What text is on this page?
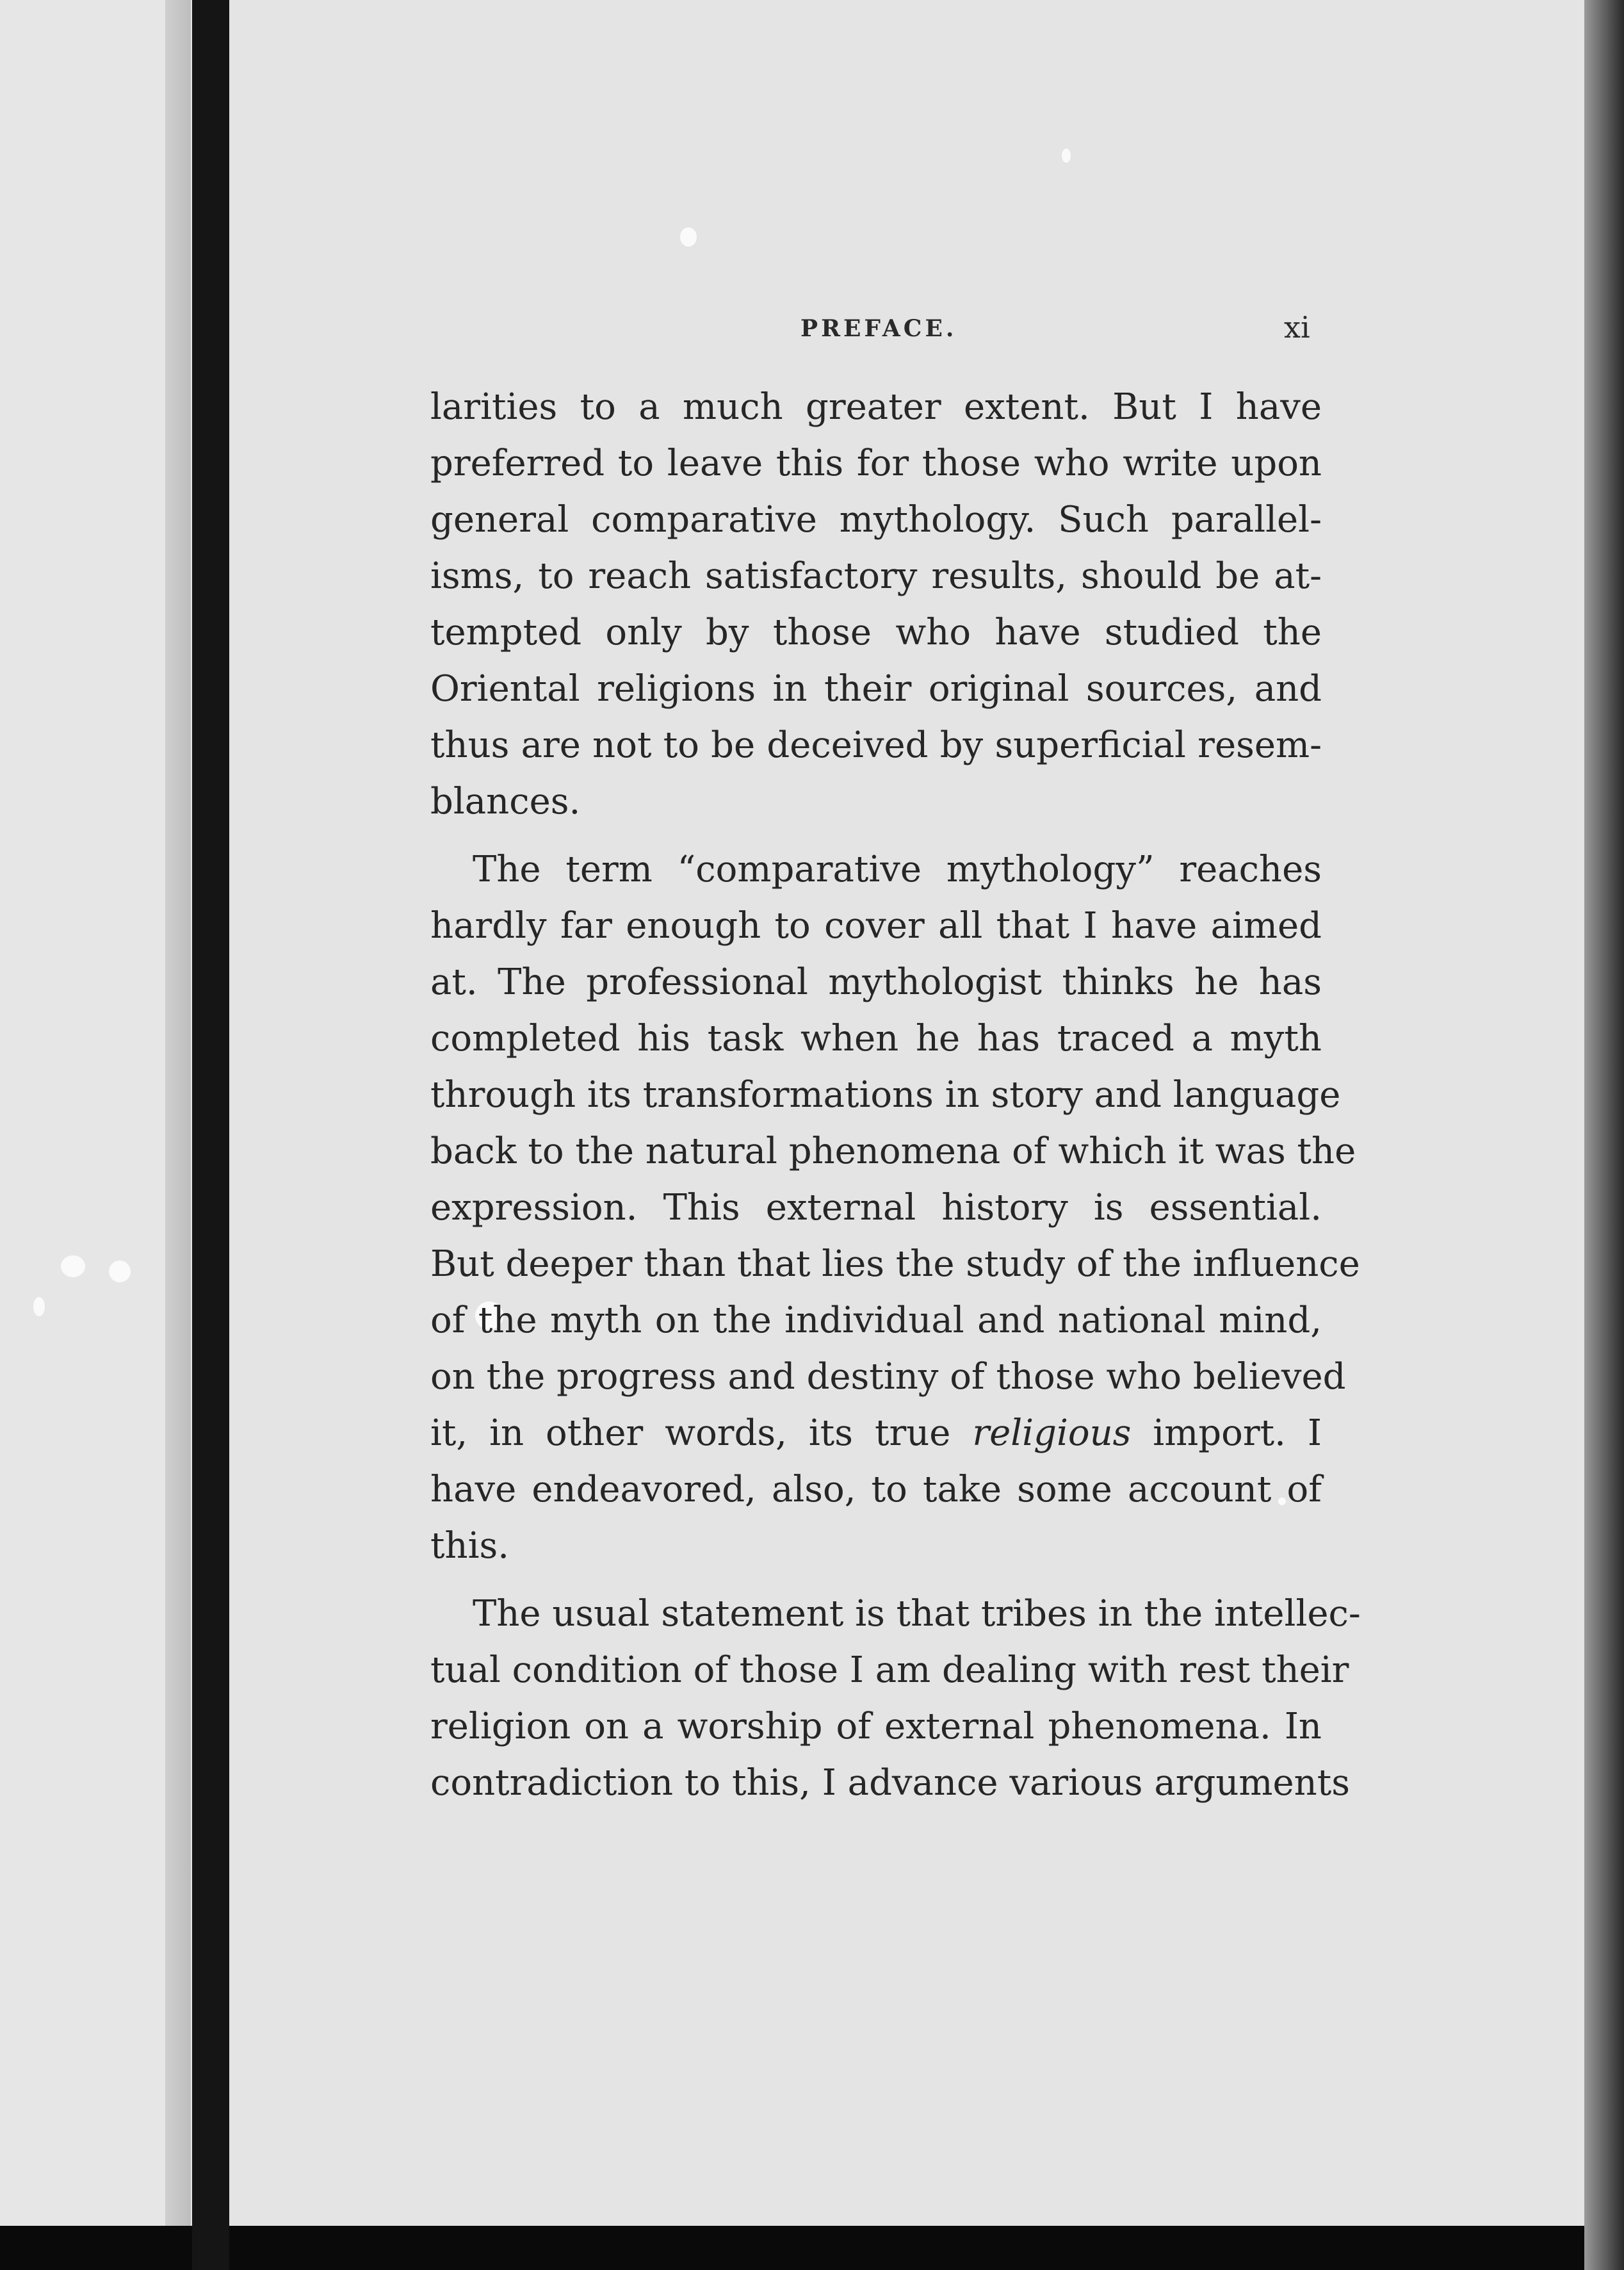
PREFACE.	xi
larities to a much greater extent. But I have
preferred to leave this for those who write upon
general comparative mythology. Such parallel-
isms, to reach satisfactory results, should be at-
tempted only by those who have studied the
Oriental religions in their original sources, and
thus are not to be deceived by superficial resem-
blances.
The term “comparative mythology” reaches
hardly far enough to cover all that I have aimed
at. The professional mythologist thinks he has
completed his task when he has traced a myth
through its transformations in story and language
back to the natural phenomena of which it was the
expression. This external history is essential.
But deeper than that lies the study of the influence
of the myth on the individual and national mind,
on the progress and destiny of those who believed
it, in other words, its true religious import. I
have endeavored, also, to take some account of
this.
The usual statement is that tribes in the intellec-
tual condition of those I am dealing with rest their
religion on a worship of external phenomena. In
contradiction to this, I advance various arguments
